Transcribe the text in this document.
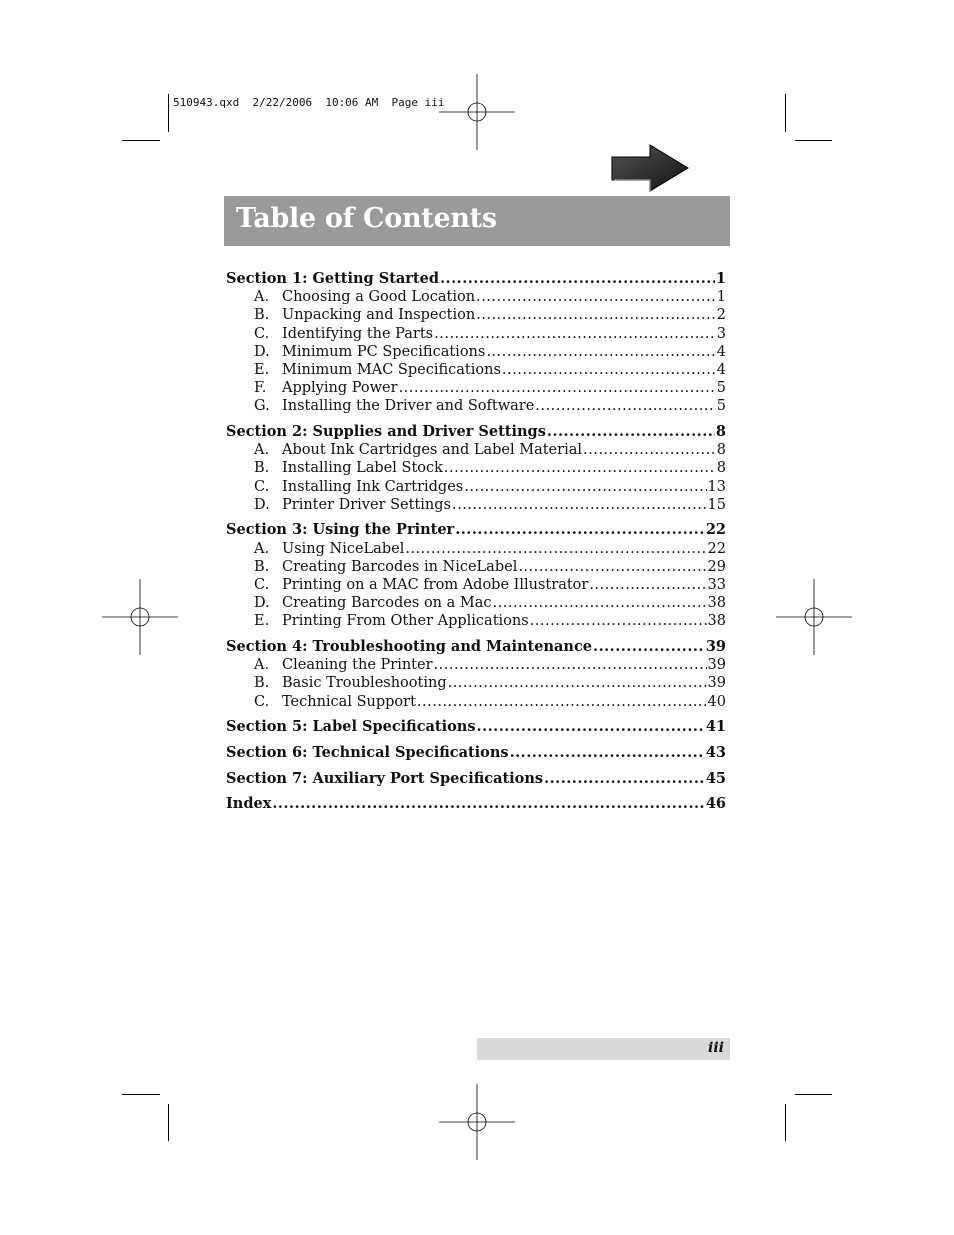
510943.qxd  2/22/2006  10:06 AM  Page iii
Table of Contents
Section 1: Getting Started .....	1
A. Choosing a Good Location .....	1
B. Unpacking and Inspection .....	2
C. Identifying the Parts .....	3
D. Minimum PC Specifications .....	4
E. Minimum MAC Specifications .....	4
F.	Applying Power .....	5
G. Installing the Driver and Software .....	5
Section 2: Supplies and Driver Settings .....	8
A. About Ink Cartridges and Label Material .....	8
B. Installing Label Stock .....	8
C. Installing Ink Cartridges .....	13
D. Printer Driver Settings .....	15
Section 3: Using the Printer .....	22
A. Using NiceLabel .....	22
B. Creating Barcodes in NiceLabel .....	29
C. Printing on a MAC from Adobe Illustrator .....	33
D. Creating Barcodes on a Mac .....	38
E. Printing From Other Applications .....	38
Section 4: Troubleshooting and Maintenance .....	39
A. Cleaning the Printer .....	39
B. Basic Troubleshooting .....	39
C. Technical Support .....	40
Section 5: Label Specifications .....	41
Section 6: Technical Specifications .....	43
Section 7: Auxiliary Port Specifications .....	45
Index .....	46
iii
